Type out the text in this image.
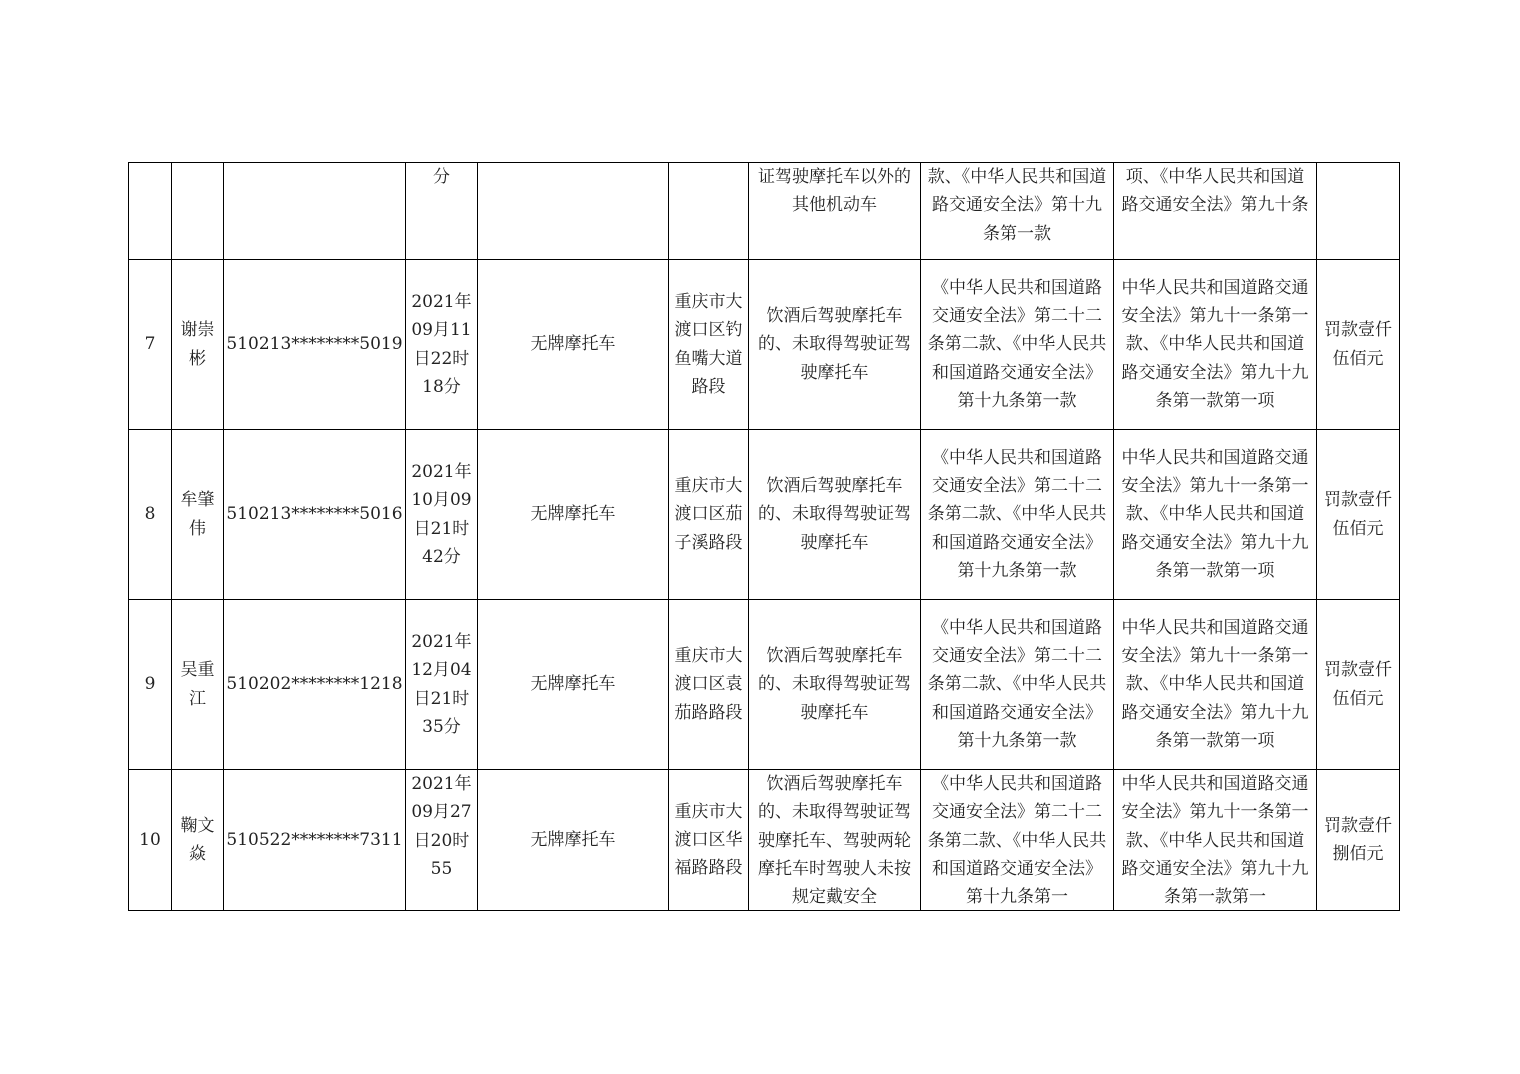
			分			证驾驶摩托车以外的其他机动车	款、《中华人民共和国道路交通安全法》第十九条第一款	项、《中华人民共和国道路交通安全法》第九十条	

7	谢崇彬	510213********5019	2021年09月11日22时18分	无牌摩托车	重庆市大渡口区钓鱼嘴大道路段	饮酒后驾驶摩托车的、未取得驾驶证驾驶摩托车	《中华人民共和国道路交通安全法》第二十二条第二款、《中华人民共和国道路交通安全法》第十九条第一款	中华人民共和国道路交通安全法》第九十一条第一款、《中华人民共和国道路交通安全法》第九十九条第一款第一项	罚款壹仟伍佰元

8	牟肇伟	510213********5016	2021年10月09日21时42分	无牌摩托车	重庆市大渡口区茄子溪路段	饮酒后驾驶摩托车的、未取得驾驶证驾驶摩托车	《中华人民共和国道路交通安全法》第二十二条第二款、《中华人民共和国道路交通安全法》第十九条第一款	中华人民共和国道路交通安全法》第九十一条第一款、《中华人民共和国道路交通安全法》第九十九条第一款第一项	罚款壹仟伍佰元

9	吴重江	510202********1218	2021年12月04日21时35分	无牌摩托车	重庆市大渡口区袁茄路路段	饮酒后驾驶摩托车的、未取得驾驶证驾驶摩托车	《中华人民共和国道路交通安全法》第二十二条第二款、《中华人民共和国道路交通安全法》第十九条第一款	中华人民共和国道路交通安全法》第九十一条第一款、《中华人民共和国道路交通安全法》第九十九条第一款第一项	罚款壹仟伍佰元

10	鞠文焱	510522********7311	2021年09月27日20时55	无牌摩托车	重庆市大渡口区华福路路段	饮酒后驾驶摩托车的、未取得驾驶证驾驶摩托车、驾驶两轮摩托车时驾驶人未按规定戴安全	《中华人民共和国道路交通安全法》第二十二条第二款、《中华人民共和国道路交通安全法》第十九条第一	中华人民共和国道路交通安全法》第九十一条第一款、《中华人民共和国道路交通安全法》第九十九条第一款第一	罚款壹仟捌佰元
